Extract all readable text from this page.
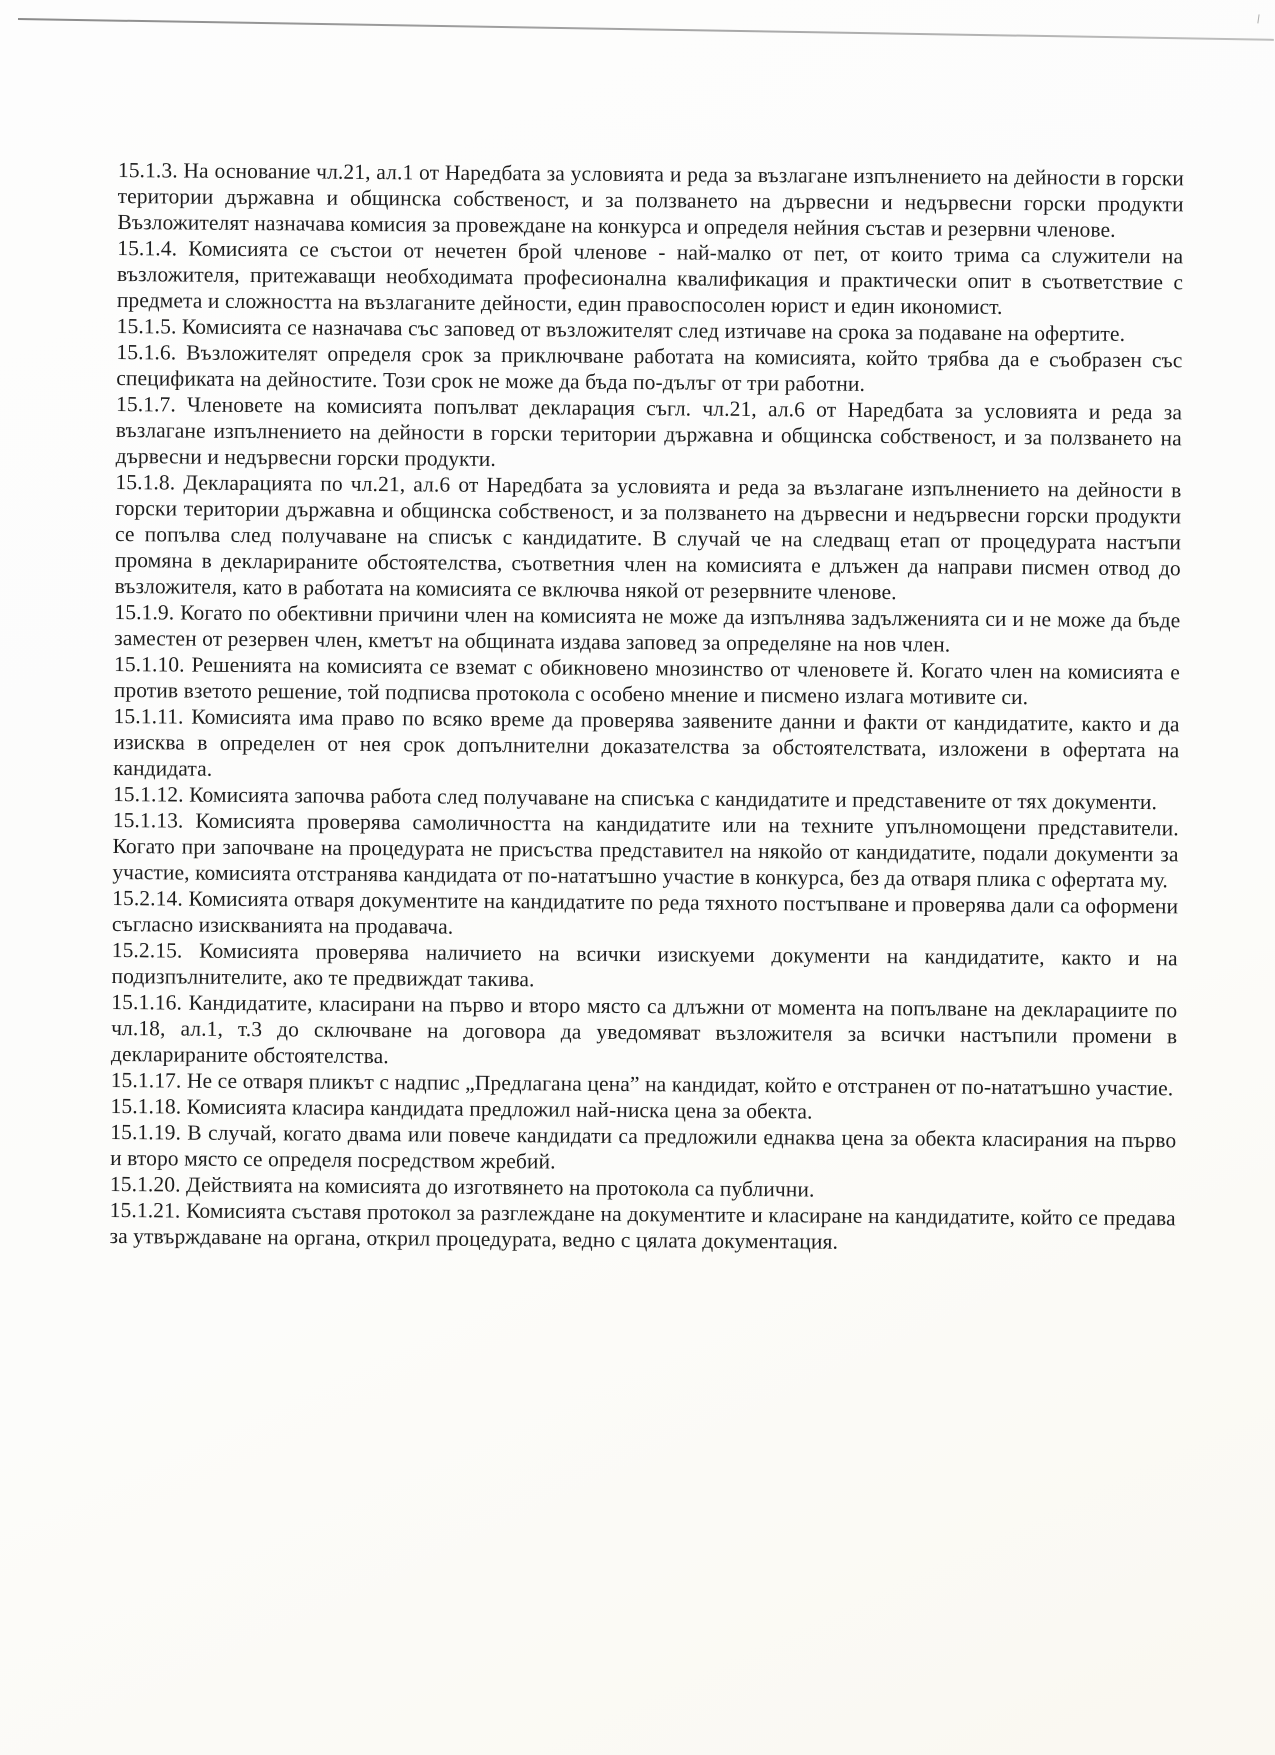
15.1.3. На основание чл.21, ал.1 от Наредбата за условията и реда за възлагане изпълнението на дейности в горски територии държавна и общинска собственост, и за ползването на дървесни и недървесни горски продукти Възложителят назначава комисия за провеждане на конкурса и определя нейния състав и резервни членове.

15.1.4. Комисията се състои от нечетен брой членове - най-малко от пет, от които трима са служители на възложителя, притежаващи необходимата професионална квалификация и практически опит в съответствие с предмета и сложността на възлаганите дейности, един правоспосолен юрист и един икономист.

15.1.5. Комисията се назначава със заповед от възложителят след изтичаве на срока за подаване на офертите.

15.1.6. Възложителят определя срок за приключване работата на комисията, който трябва да е съобразен със спецификата на дейностите. Този срок не може да бъда по-дълъг от три работни.

15.1.7. Членовете на комисията попълват декларация съгл. чл.21, ал.6 от Наредбата за условията и реда за възлагане изпълнението на дейности в горски територии държавна и общинска собственост, и за ползването на дървесни и недървесни горски продукти.

15.1.8. Декларацията по чл.21, ал.6 от Наредбата за условията и реда за възлагане изпълнението на дейности в горски територии държавна и общинска собственост, и за ползването на дървесни и недървесни горски продукти се попълва след получаване на списък с кандидатите. В случай че на следващ етап от процедурата настъпи промяна в декларираните обстоятелства, съответния член на комисията е длъжен да направи писмен отвод до възложителя, като в работата на комисията се включва някой от резервните членове.

15.1.9. Когато по обективни причини член на комисията не може да изпълнява задълженията си и не може да бъде заместен от резервен член, кметът на общината издава заповед за определяне на нов член.

15.1.10. Решенията на комисията се вземат с обикновено мнозинство от членовете й. Когато член на комисията е против взетото решение, той подписва протокола с особено мнение и писмено излага мотивите си.

15.1.11. Комисията има право по всяко време да проверява заявените данни и факти от кандидатите, както и да изисква в определен от нея срок допълнителни доказателства за обстоятелствата, изложени в офертата на кандидата.

15.1.12. Комисията започва работа след получаване на списъка с кандидатите и представените от тях документи.

15.1.13. Комисията проверява самоличността на кандидатите или на техните упълномощени представители. Когато при започване на процедурата не присъства представител на някойо от кандидатите, подали документи за участие, комисията отстранява кандидата от по-нататъшно участие в конкурса, без да отваря плика с офертата му.

15.2.14. Комисията отваря документите на кандидатите по реда тяхното постъпване и проверява дали са оформени съгласно изискванията на продавача.

15.2.15. Комисията проверява наличието на всички изискуеми документи на кандидатите, както и на подизпълнителите, ако те предвиждат такива.

15.1.16. Кандидатите, класирани на първо и второ място са длъжни от момента на попълване на декларациите по чл.18, ал.1, т.3 до сключване на договора да уведомяват възложителя за всички настъпили промени в декларираните обстоятелства.

15.1.17. Не се отваря пликът с надпис „Предлагана цена” на кандидат, който е отстранен от по-нататъшно участие.

15.1.18. Комисията класира кандидата предложил най-ниска цена за обекта.

15.1.19. В случай, когато двама или повече кандидати са предложили еднаква цена за обекта класирания на първо и второ място се определя посредством жребий.

15.1.20. Действията на комисията до изготвянето на протокола са публични.

15.1.21. Комисията съставя протокол за разглеждане на документите и класиране на кандидатите, който се предава за утвърждаване на органа, открил процедурата, ведно с цялата документация.
